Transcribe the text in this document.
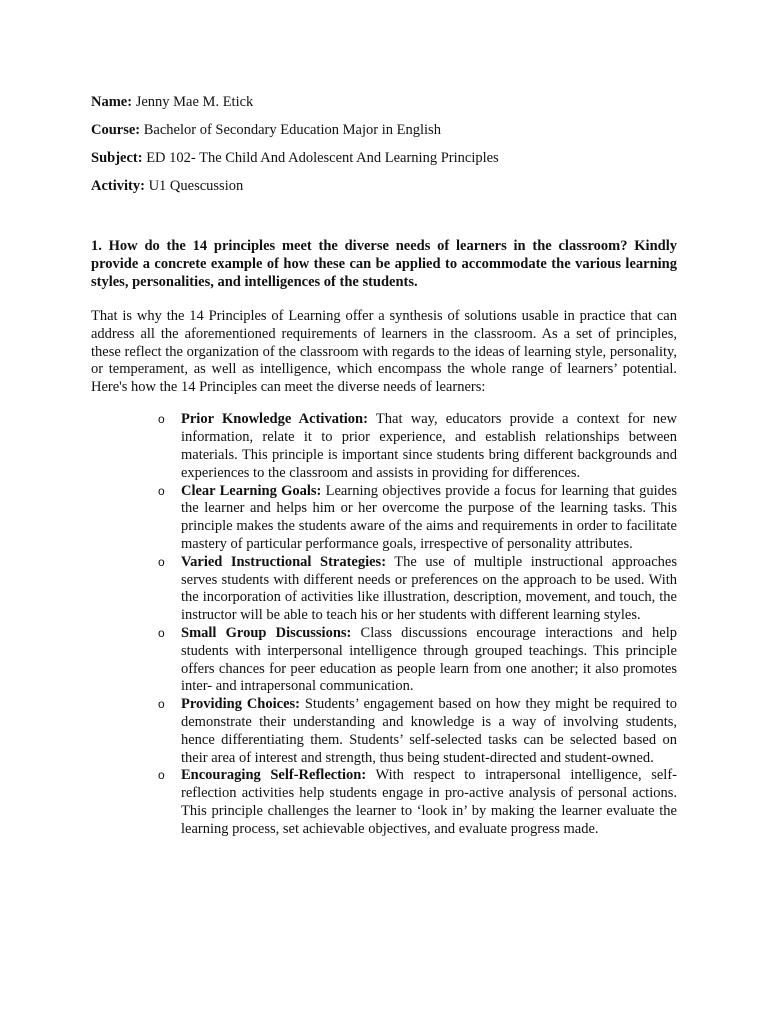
Name: Jenny Mae M. Etick

Course: Bachelor of Secondary Education Major in English

Subject: ED 102- The Child And Adolescent And Learning Principles

Activity: U1 Quescussion

1. How do the 14 principles meet the diverse needs of learners in the classroom? Kindly provide a concrete example of how these can be applied to accommodate the various learning styles, personalities, and intelligences of the students.

That is why the 14 Principles of Learning offer a synthesis of solutions usable in practice that can address all the aforementioned requirements of learners in the classroom. As a set of principles, these reflect the organization of the classroom with regards to the ideas of learning style, personality, or temperament, as well as intelligence, which encompass the whole range of learners’ potential. Here's how the 14 Principles can meet the diverse needs of learners:

o Prior Knowledge Activation: That way, educators provide a context for new information, relate it to prior experience, and establish relationships between materials. This principle is important since students bring different backgrounds and experiences to the classroom and assists in providing for differences.
o Clear Learning Goals: Learning objectives provide a focus for learning that guides the learner and helps him or her overcome the purpose of the learning tasks. This principle makes the students aware of the aims and requirements in order to facilitate mastery of particular performance goals, irrespective of personality attributes.
o Varied Instructional Strategies: The use of multiple instructional approaches serves students with different needs or preferences on the approach to be used. With the incorporation of activities like illustration, description, movement, and touch, the instructor will be able to teach his or her students with different learning styles.
o Small Group Discussions: Class discussions encourage interactions and help students with interpersonal intelligence through grouped teachings. This principle offers chances for peer education as people learn from one another; it also promotes inter- and intrapersonal communication.
o Providing Choices: Students’ engagement based on how they might be required to demonstrate their understanding and knowledge is a way of involving students, hence differentiating them. Students’ self-selected tasks can be selected based on their area of interest and strength, thus being student-directed and student-owned.
o Encouraging Self-Reflection: With respect to intrapersonal intelligence, self-reflection activities help students engage in pro-active analysis of personal actions. This principle challenges the learner to ‘look in’ by making the learner evaluate the learning process, set achievable objectives, and evaluate progress made.
